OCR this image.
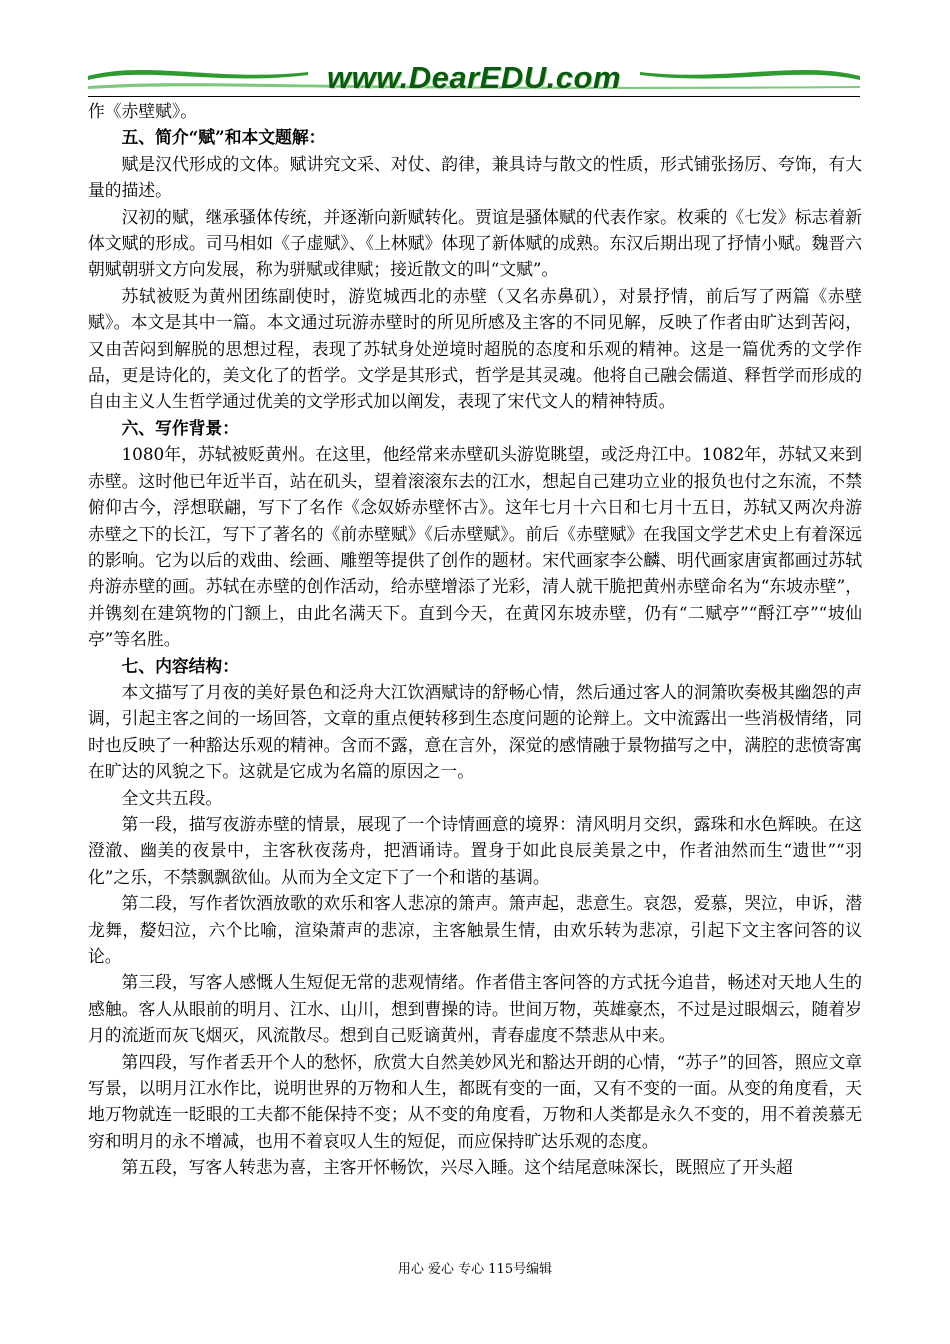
www.DearEDU.com

作《赤壁赋》。

五、简介“赋”和本文题解：

赋是汉代形成的文体。赋讲究文采、对仗、韵律，兼具诗与散文的性质，形式铺张扬厉、夸饰，有大量的描述。

汉初的赋，继承骚体传统，并逐渐向新赋转化。贾谊是骚体赋的代表作家。枚乘的《七发》标志着新体文赋的形成。司马相如《子虚赋》、《上林赋》体现了新体赋的成熟。东汉后期出现了抒情小赋。魏晋六朝赋朝骈文方向发展，称为骈赋或律赋；接近散文的叫“文赋”。

苏轼被贬为黄州团练副使时，游览城西北的赤壁（又名赤鼻矶），对景抒情，前后写了两篇《赤壁赋》。本文是其中一篇。本文通过玩游赤壁时的所见所感及主客的不同见解，反映了作者由旷达到苦闷，又由苦闷到解脱的思想过程，表现了苏轼身处逆境时超脱的态度和乐观的精神。这是一篇优秀的文学作品，更是诗化的，美文化了的哲学。文学是其形式，哲学是其灵魂。他将自己融会儒道、释哲学而形成的自由主义人生哲学通过优美的文学形式加以阐发，表现了宋代文人的精神特质。

六、写作背景：

1080年，苏轼被贬黄州。在这里，他经常来赤壁矶头游览眺望，或泛舟江中。1082年，苏轼又来到赤壁。这时他已年近半百，站在矶头，望着滚滚东去的江水，想起自己建功立业的报负也付之东流，不禁俯仰古今，浮想联翩，写下了名作《念奴娇赤壁怀古》。这年七月十六日和七月十五日，苏轼又两次舟游赤壁之下的长江，写下了著名的《前赤壁赋》《后赤壁赋》。前后《赤壁赋》在我国文学艺术史上有着深远的影响。它为以后的戏曲、绘画、雕塑等提供了创作的题材。宋代画家李公麟、明代画家唐寅都画过苏轼舟游赤壁的画。苏轼在赤壁的创作活动，给赤壁增添了光彩，清人就干脆把黄州赤壁命名为“东坡赤壁”，并镌刻在建筑物的门额上，由此名满天下。直到今天，在黄冈东坡赤壁，仍有“二赋亭”“酹江亭”“坡仙亭”等名胜。

七、内容结构：

本文描写了月夜的美好景色和泛舟大江饮酒赋诗的舒畅心情，然后通过客人的洞箫吹奏极其幽怨的声调，引起主客之间的一场回答，文章的重点便转移到生态度问题的论辩上。文中流露出一些消极情绪，同时也反映了一种豁达乐观的精神。含而不露，意在言外，深觉的感情融于景物描写之中，满腔的悲愤寄寓在旷达的风貌之下。这就是它成为名篇的原因之一。

全文共五段。

第一段，描写夜游赤壁的情景，展现了一个诗情画意的境界：清风明月交织，露珠和水色辉映。在这澄澈、幽美的夜景中，主客秋夜荡舟，把酒诵诗。置身于如此良辰美景之中，作者油然而生“遗世”“羽化”之乐，不禁飘飘欲仙。从而为全文定下了一个和谐的基调。

第二段，写作者饮酒放歌的欢乐和客人悲凉的箫声。箫声起，悲意生。哀怨，爱慕，哭泣，申诉，潜龙舞，嫠妇泣，六个比喻，渲染萧声的悲凉，主客触景生情，由欢乐转为悲凉，引起下文主客问答的议论。

第三段，写客人感慨人生短促无常的悲观情绪。作者借主客问答的方式抚今追昔，畅述对天地人生的感触。客人从眼前的明月、江水、山川，想到曹操的诗。世间万物，英雄豪杰，不过是过眼烟云，随着岁月的流逝而灰飞烟灭，风流散尽。想到自己贬谪黄州，青春虚度不禁悲从中来。

第四段，写作者丢开个人的愁怀，欣赏大自然美妙风光和豁达开朗的心情，“苏子”的回答，照应文章写景，以明月江水作比，说明世界的万物和人生，都既有变的一面，又有不变的一面。从变的角度看，天地万物就连一眨眼的工夫都不能保持不变；从不变的角度看，万物和人类都是永久不变的，用不着羡慕无穷和明月的永不增减，也用不着哀叹人生的短促，而应保持旷达乐观的态度。

第五段，写客人转悲为喜，主客开怀畅饮，兴尽入睡。这个结尾意味深长，既照应了开头超

用心 爱心 专心 115号编辑
